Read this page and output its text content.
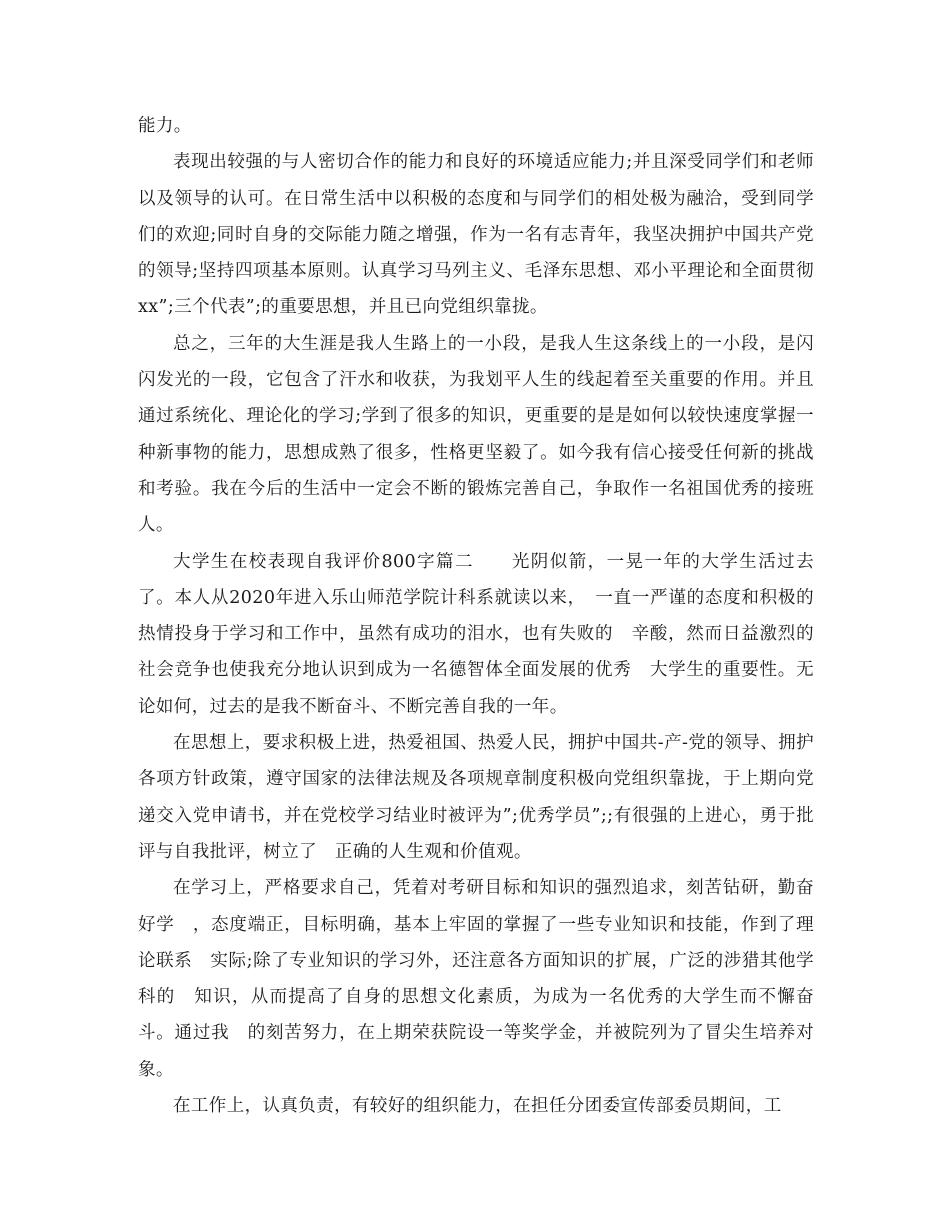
能力。

表现出较强的与人密切合作的能力和良好的环境适应能力;并且深受同学们和老师以及领导的认可。在日常生活中以积极的态度和与同学们的相处极为融洽，受到同学们的欢迎;同时自身的交际能力随之增强，作为一名有志青年，我坚决拥护中国共产党的领导;坚持四项基本原则。认真学习马列主义、毛泽东思想、邓小平理论和全面贯彻xx”;三个代表”;的重要思想，并且已向党组织靠拢。

总之，三年的大生涯是我人生路上的一小段，是我人生这条线上的一小段，是闪闪发光的一段，它包含了汗水和收获，为我划平人生的线起着至关重要的作用。并且通过系统化、理论化的学习;学到了很多的知识，更重要的是是如何以较快速度掌握一种新事物的能力，思想成熟了很多，性格更坚毅了。如今我有信心接受任何新的挑战和考验。我在今后的生活中一定会不断的锻炼完善自己，争取作一名祖国优秀的接班人。

大学生在校表现自我评价800字篇二　　光阴似箭，一晃一年的大学生活过去了。本人从2020年进入乐山师范学院计科系就读以来，　一直一严谨的态度和积极的热情投身于学习和工作中，虽然有成功的泪水，也有失败的　辛酸，然而日益激烈的社会竞争也使我充分地认识到成为一名德智体全面发展的优秀　大学生的重要性。无论如何，过去的是我不断奋斗、不断完善自我的一年。

在思想上，要求积极上进，热爱祖国、热爱人民，拥护中国共-产-党的领导、拥护　各项方针政策，遵守国家的法律法规及各项规章制度积极向党组织靠拢，于上期向党递交入党申请书，并在党校学习结业时被评为”;优秀学员”;;有很强的上进心，勇于批评与自我批评，树立了　正确的人生观和价值观。

在学习上，严格要求自己，凭着对考研目标和知识的强烈追求，刻苦钻研，勤奋好学　，态度端正，目标明确，基本上牢固的掌握了一些专业知识和技能，作到了理论联系　实际;除了专业知识的学习外，还注意各方面知识的扩展，广泛的涉猎其他学科的　知识，从而提高了自身的思想文化素质，为成为一名优秀的大学生而不懈奋斗。通过我　的刻苦努力，在上期荣获院设一等奖学金，并被院列为了冒尖生培养对象。

在工作上，认真负责，有较好的组织能力，在担任分团委宣传部委员期间，工
